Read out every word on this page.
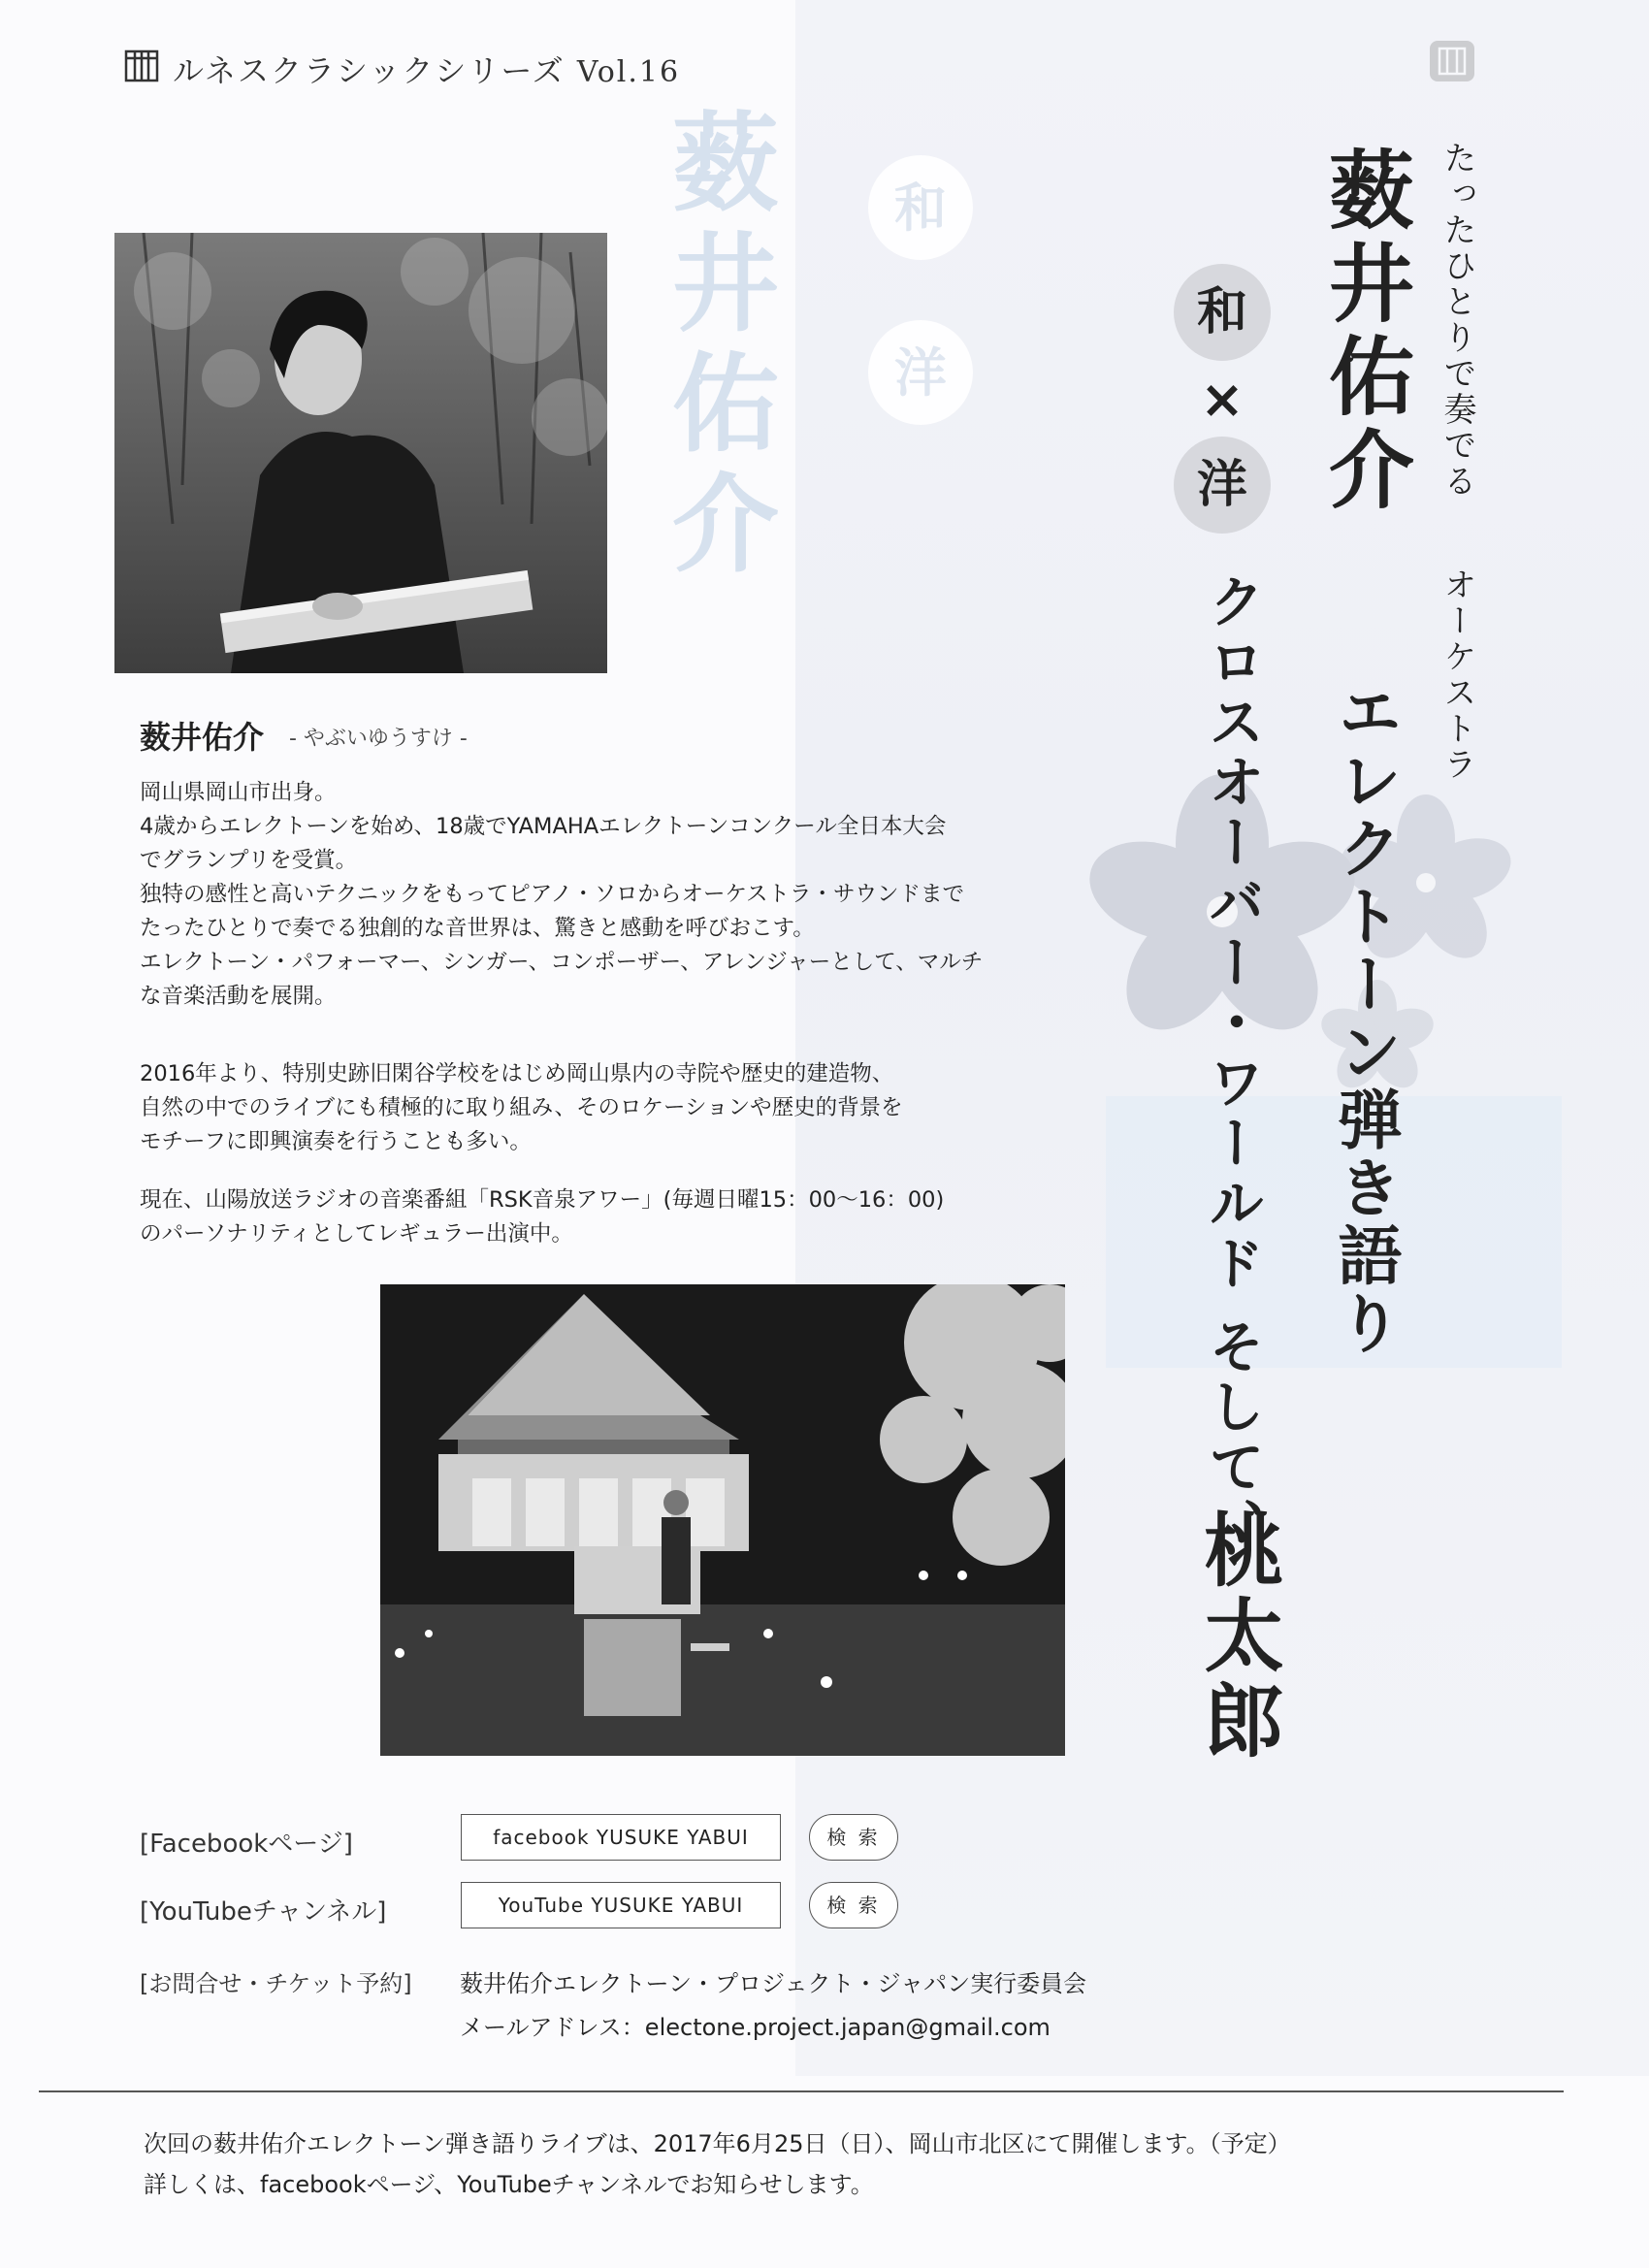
薮井佑介	和
洋
ルネスクラシックシリーズ Vol.16
薮井佑介 - やぶいゆうすけ -
岡山県岡山市出身。
4歳からエレクトーンを始め、18歳でYAMAHAエレクトーンコンクール全日本大会
でグランプリを受賞。
独特の感性と高いテクニックをもってピアノ・ソロからオーケストラ・サウンドまで
たったひとりで奏でる独創的な音世界は、驚きと感動を呼びおこす。
エレクトーン・パフォーマー、シンガー、コンポーザー、アレンジャーとして、マルチ
な音楽活動を展開。
2016年より、特別史跡旧閑谷学校をはじめ岡山県内の寺院や歴史的建造物、
自然の中でのライブにも積極的に取り組み、そのロケーションや歴史的背景を
モチーフに即興演奏を行うことも多い。
現在、山陽放送ラジオの音楽番組「RSK音泉アワー」(毎週日曜15：00～16：00)
のパーソナリティとしてレギュラー出演中。
たったひとりで奏でる
オーケストラ
薮井佑介
エレクトーン弾き語り
和
×
洋
クロスオーバー・ワールド そして、
桃太郎
[Facebookページ]	facebook YUSUKE YABUI	検 索
[YouTubeチャンネル]	YouTube YUSUKE YABUI	検 索
[お問合せ・チケット予約] 薮井佑介エレクトーン・プロジェクト・ジャパン実行委員会
メールアドレス：electone.project.japan@gmail.com
次回の薮井佑介エレクトーン弾き語りライブは、2017年6月25日（日）、岡山市北区にて開催します。（予定）
詳しくは、facebookページ、YouTubeチャンネルでお知らせします。
